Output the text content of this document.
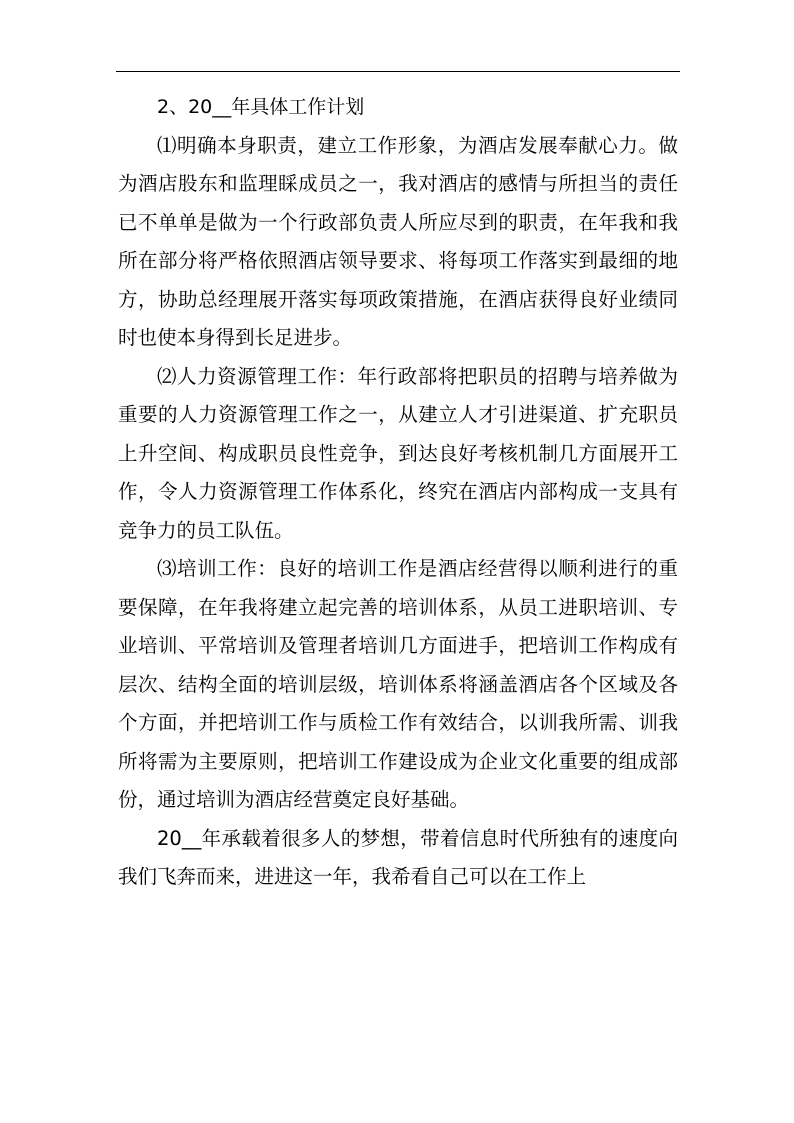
2、20__年具体工作计划

⑴明确本身职责，建立工作形象，为酒店发展奉献心力。做为酒店股东和监理睬成员之一，我对酒店的感情与所担当的责任已不单单是做为一个行政部负责人所应尽到的职责，在年我和我所在部分将严格依照酒店领导要求、将每项工作落实到最细的地方，协助总经理展开落实每项政策措施，在酒店获得良好业绩同时也使本身得到长足进步。

⑵人力资源管理工作：年行政部将把职员的招聘与培养做为重要的人力资源管理工作之一，从建立人才引进渠道、扩充职员上升空间、构成职员良性竞争，到达良好考核机制几方面展开工作，令人力资源管理工作体系化，终究在酒店内部构成一支具有竞争力的员工队伍。

⑶培训工作：良好的培训工作是酒店经营得以顺利进行的重要保障，在年我将建立起完善的培训体系，从员工进职培训、专业培训、平常培训及管理者培训几方面进手，把培训工作构成有层次、结构全面的培训层级，培训体系将涵盖酒店各个区域及各个方面，并把培训工作与质检工作有效结合，以训我所需、训我所将需为主要原则，把培训工作建设成为企业文化重要的组成部份，通过培训为酒店经营奠定良好基础。

20__年承载着很多人的梦想，带着信息时代所独有的速度向我们飞奔而来，进进这一年，我希看自己可以在工作上
